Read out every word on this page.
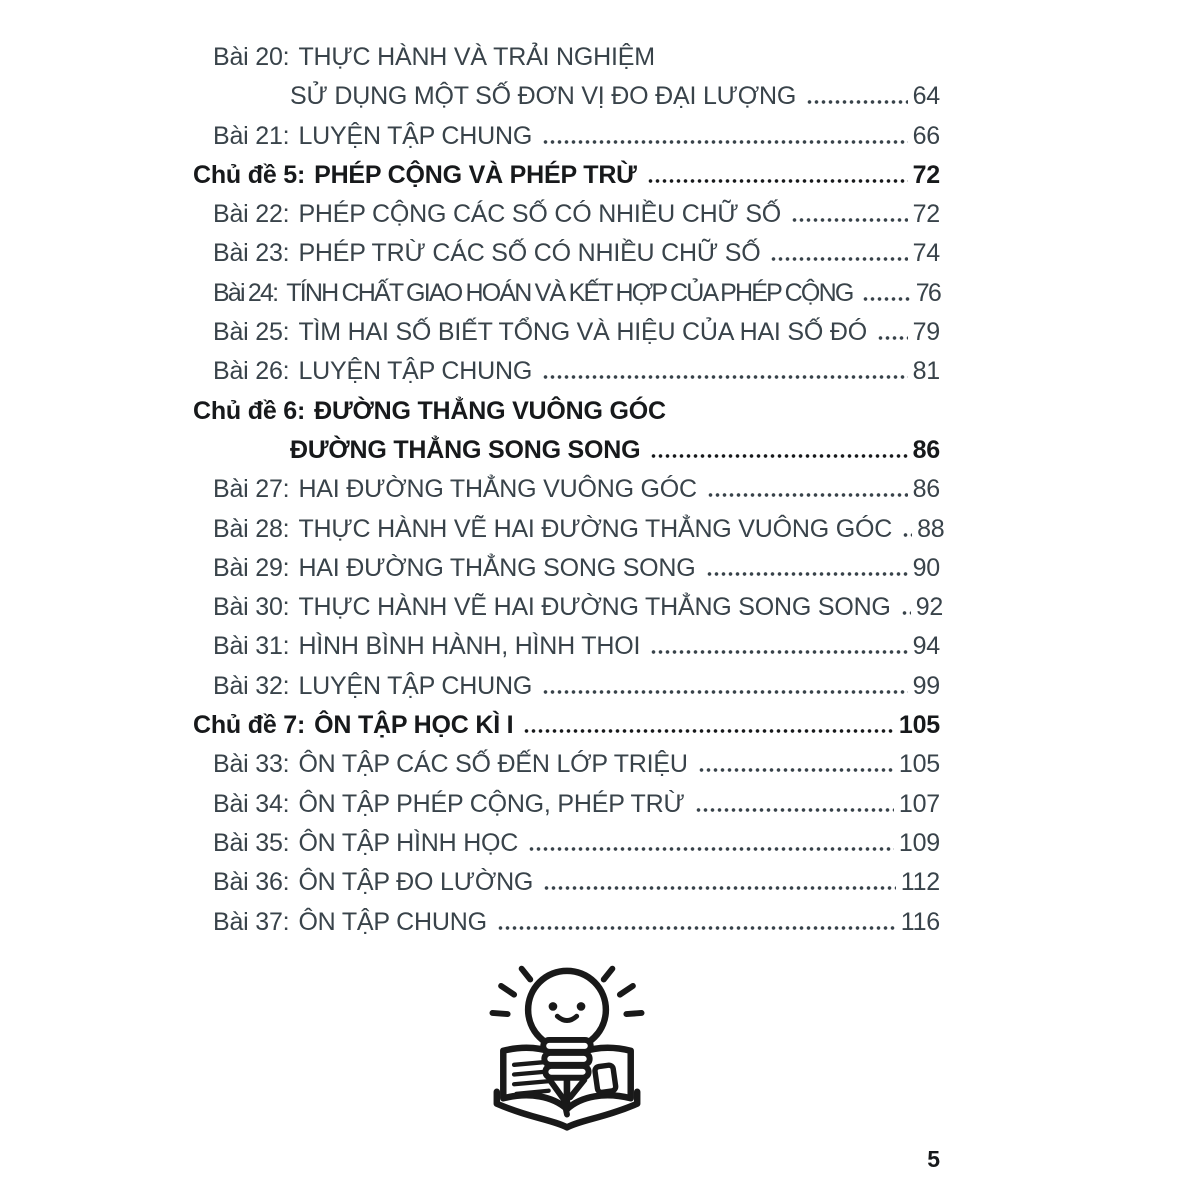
Bài 20: THỰC HÀNH VÀ TRẢI NGHIỆM
SỬ DỤNG MỘT SỐ ĐƠN VỊ ĐO ĐẠI LƯỢNG	64
Bài 21: LUYỆN TẬP CHUNG	66
Chủ đề 5: PHÉP CỘNG VÀ PHÉP TRỪ	72
Bài 22: PHÉP CỘNG CÁC SỐ CÓ NHIỀU CHỮ SỐ	72
Bài 23: PHÉP TRỪ CÁC SỐ CÓ NHIỀU CHỮ SỐ	74
Bài 24: TÍNH CHẤT GIAO HOÁN VÀ KẾT HỢP CỦA PHÉP CỘNG	76
Bài 25: TÌM HAI SỐ BIẾT TỔNG VÀ HIỆU CỦA HAI SỐ ĐÓ 79
Bài 26: LUYỆN TẬP CHUNG	81
Chủ đề 6: ĐƯỜNG THẲNG VUÔNG GÓC
ĐƯỜNG THẲNG SONG SONG	86
Bài 27: HAI ĐƯỜNG THẲNG VUÔNG GÓC	86
Bài 28: THỰC HÀNH VẼ HAI ĐƯỜNG THẲNG VUÔNG GÓC 88
Bài 29: HAI ĐƯỜNG THẲNG SONG SONG	90
Bài 30: THỰC HÀNH VẼ HAI ĐƯỜNG THẲNG SONG SONG 92
Bài 31: HÌNH BÌNH HÀNH, HÌNH THOI	94
Bài 32: LUYỆN TẬP CHUNG	99
Chủ đề 7: ÔN TẬP HỌC KÌ I	105
Bài 33: ÔN TẬP CÁC SỐ ĐẾN LỚP TRIỆU	105
Bài 34: ÔN TẬP PHÉP CỘNG, PHÉP TRỪ	107
Bài 35: ÔN TẬP HÌNH HỌC	109
Bài 36: ÔN TẬP ĐO LƯỜNG	112
Bài 37: ÔN TẬP CHUNG	116
5
